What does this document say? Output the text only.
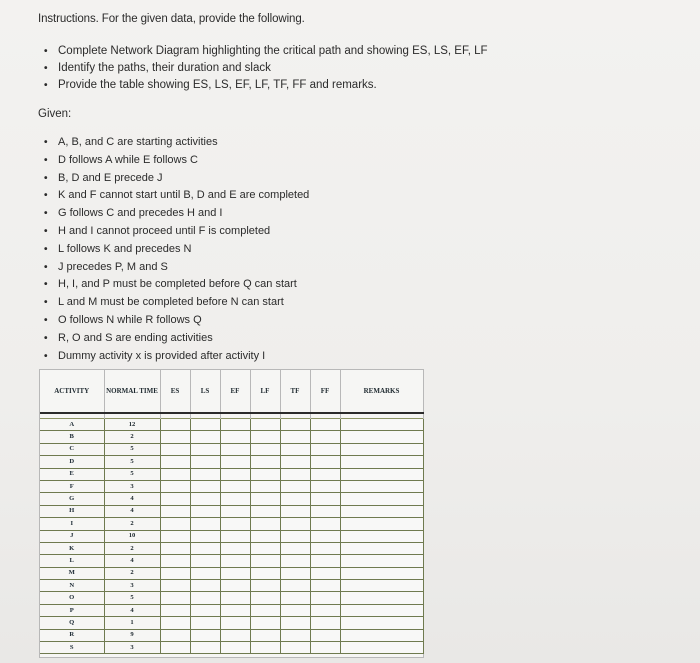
Instructions. For the given data, provide the following.
• Complete Network Diagram highlighting the critical path and showing ES, LS, EF, LF
• Identify the paths, their duration and slack
• Provide the table showing ES, LS, EF, LF, TF, FF and remarks.
Given:
• A, B, and C are starting activities
• D follows A while E follows C
• B, D and E precede J
• K and F cannot start until B, D and E are completed
• G follows C and precedes H and I
• H and I cannot proceed until F is completed
• L follows K and precedes N
• J precedes P, M and S
• H, I, and P must be completed before Q can start
• L and M must be completed before N can start
• O follows N while R follows Q
• R, O and S are ending activities
• Dummy activity x is provided after activity I
ACTIVITY	NORMAL TIME	ES	LS	EF	LF	TF	FF	REMARKS

A	12							
B	2							
C	5							
D	5							
E	5							
F	3							
G	4							
H	4							
I	2							
J	10							
K	2							
L	4							
M	2							
N	3							
O	5							
P	4							
Q	1							
R	9							
S	3							
